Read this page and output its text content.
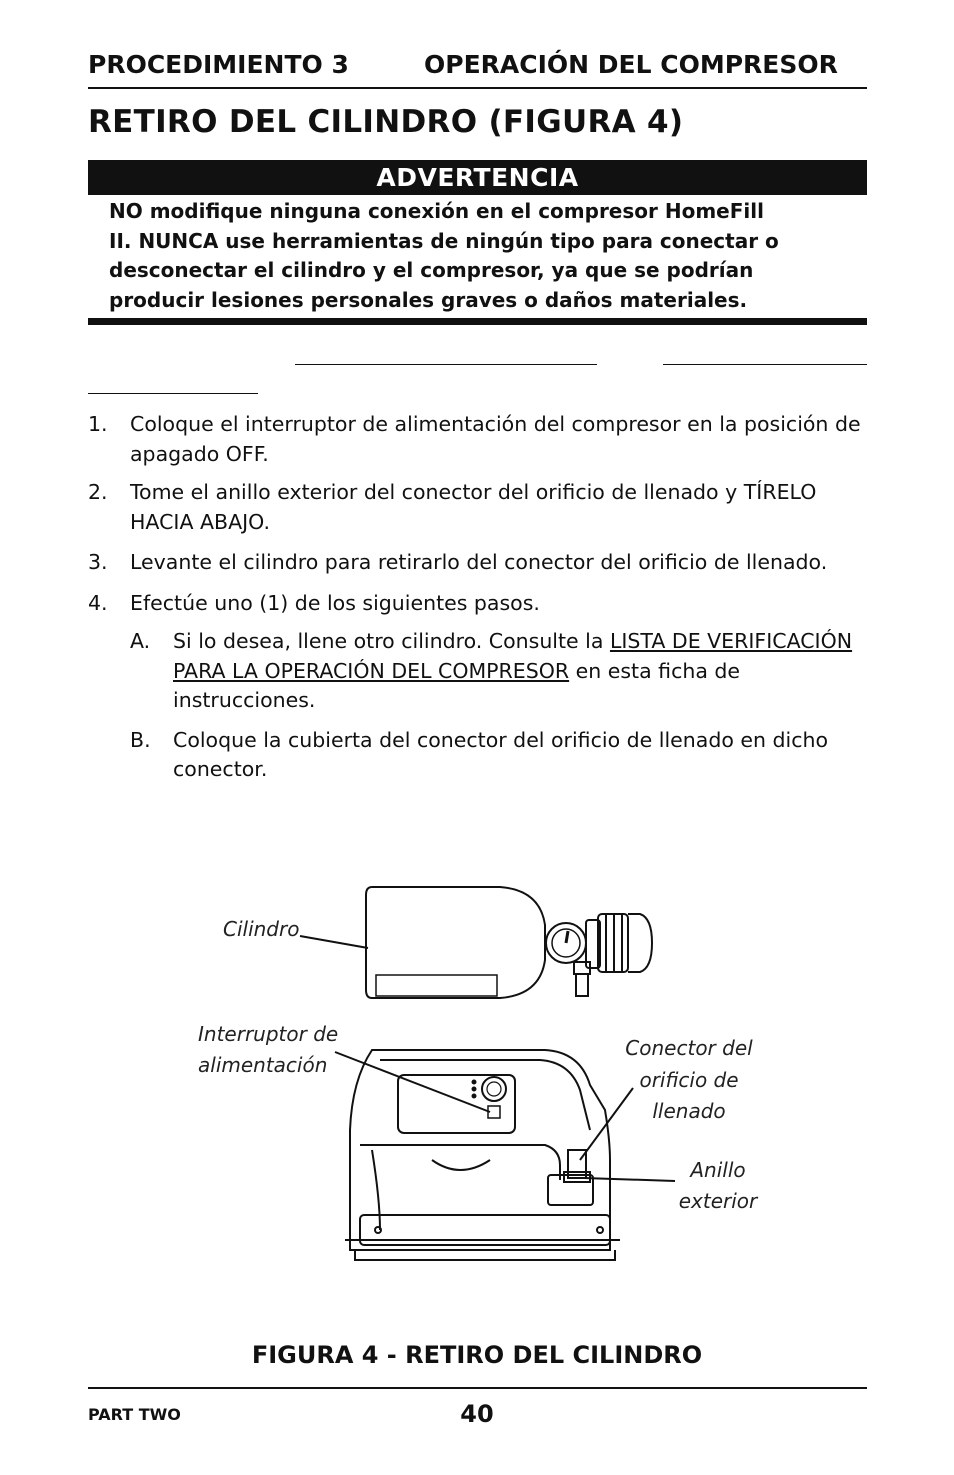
PROCEDIMIENTO 3	OPERACIÓN DEL COMPRESOR
RETIRO DEL CILINDRO (FIGURA 4)
ADVERTENCIA
NO modifique ninguna conexión en el compresor HomeFill
II. NUNCA use herramientas de ningún tipo para conectar o
desconectar el cilindro y el compresor, ya que se podrían
producir lesiones personales graves o daños materiales.
1. Coloque el interruptor de alimentación del compresor en la posición de apagado OFF.
2. Tome el anillo exterior del conector del orificio de llenado y TÍRELO HACIA ABAJO.
3. Levante el cilindro para retirarlo del conector del orificio de llenado.
4. Efectúe uno (1) de los siguientes pasos.
A. Si lo desea, llene otro cilindro. Consulte la LISTA DE VERIFICACIÓN PARA LA OPERACIÓN DEL COMPRESOR en esta ficha de instrucciones.
B. Coloque la cubierta del conector del orificio de llenado en dicho conector.
Cilindro
Interruptor de
alimentación
Conector del
orificio de
llenado
Anillo
exterior
FIGURA 4 - RETIRO DEL CILINDRO
PART TWO	40
